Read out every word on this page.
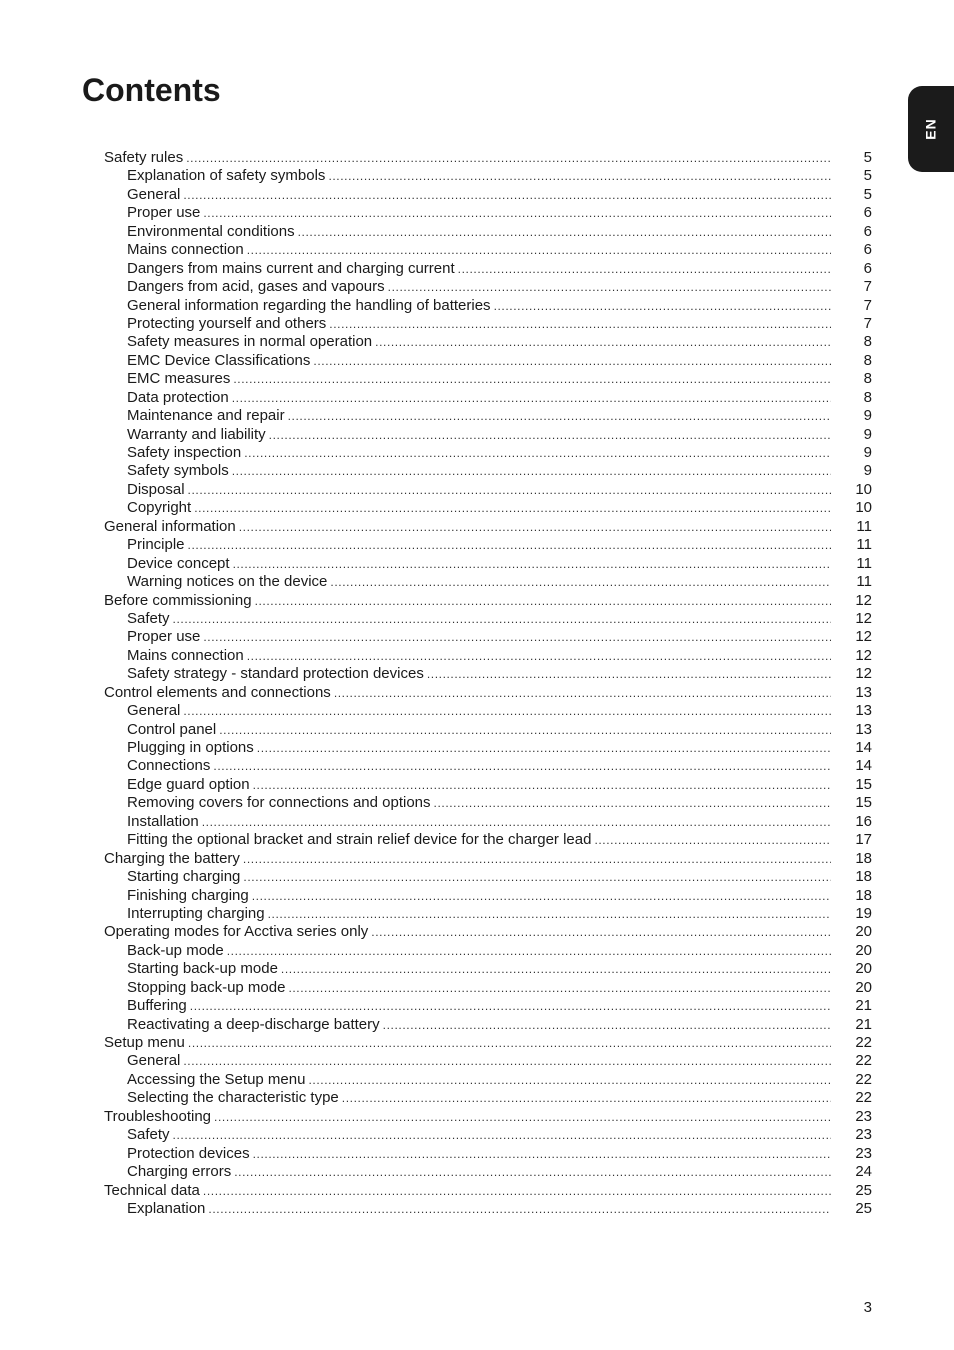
Contents
EN
Safety rules .....	5
Explanation of safety symbols .....	5
General .....	5
Proper use .....	6
Environmental conditions .....	6
Mains connection .....	6
Dangers from mains current and charging current .....	6
Dangers from acid, gases and vapours .....	7
General information regarding the handling of batteries .....	7
Protecting yourself and others .....	7
Safety measures in normal operation .....	8
EMC Device Classifications .....	8
EMC measures .....	8
Data protection .....	8
Maintenance and repair .....	9
Warranty and liability .....	9
Safety inspection .....	9
Safety symbols .....	9
Disposal .....	10
Copyright .....	10
General information .....	11
Principle .....	11
Device concept .....	11
Warning notices on the device .....	11
Before commissioning .....	12
Safety .....	12
Proper use .....	12
Mains connection .....	12
Safety strategy - standard protection devices .....	12
Control elements and connections .....	13
General .....	13
Control panel .....	13
Plugging in options .....	14
Connections .....	14
Edge guard option .....	15
Removing covers for connections and options .....	15
Installation .....	16
Fitting the optional bracket and strain relief device for the charger lead .....	17
Charging the battery .....	18
Starting charging .....	18
Finishing charging .....	18
Interrupting charging .....	19
Operating modes for Acctiva series only .....	20
Back-up mode .....	20
Starting back-up mode .....	20
Stopping back-up mode .....	20
Buffering .....	21
Reactivating a deep-discharge battery .....	21
Setup menu .....	22
General .....	22
Accessing the Setup menu .....	22
Selecting the characteristic type .....	22
Troubleshooting .....	23
Safety .....	23
Protection devices .....	23
Charging errors .....	24
Technical data .....	25
Explanation .....	25
3
